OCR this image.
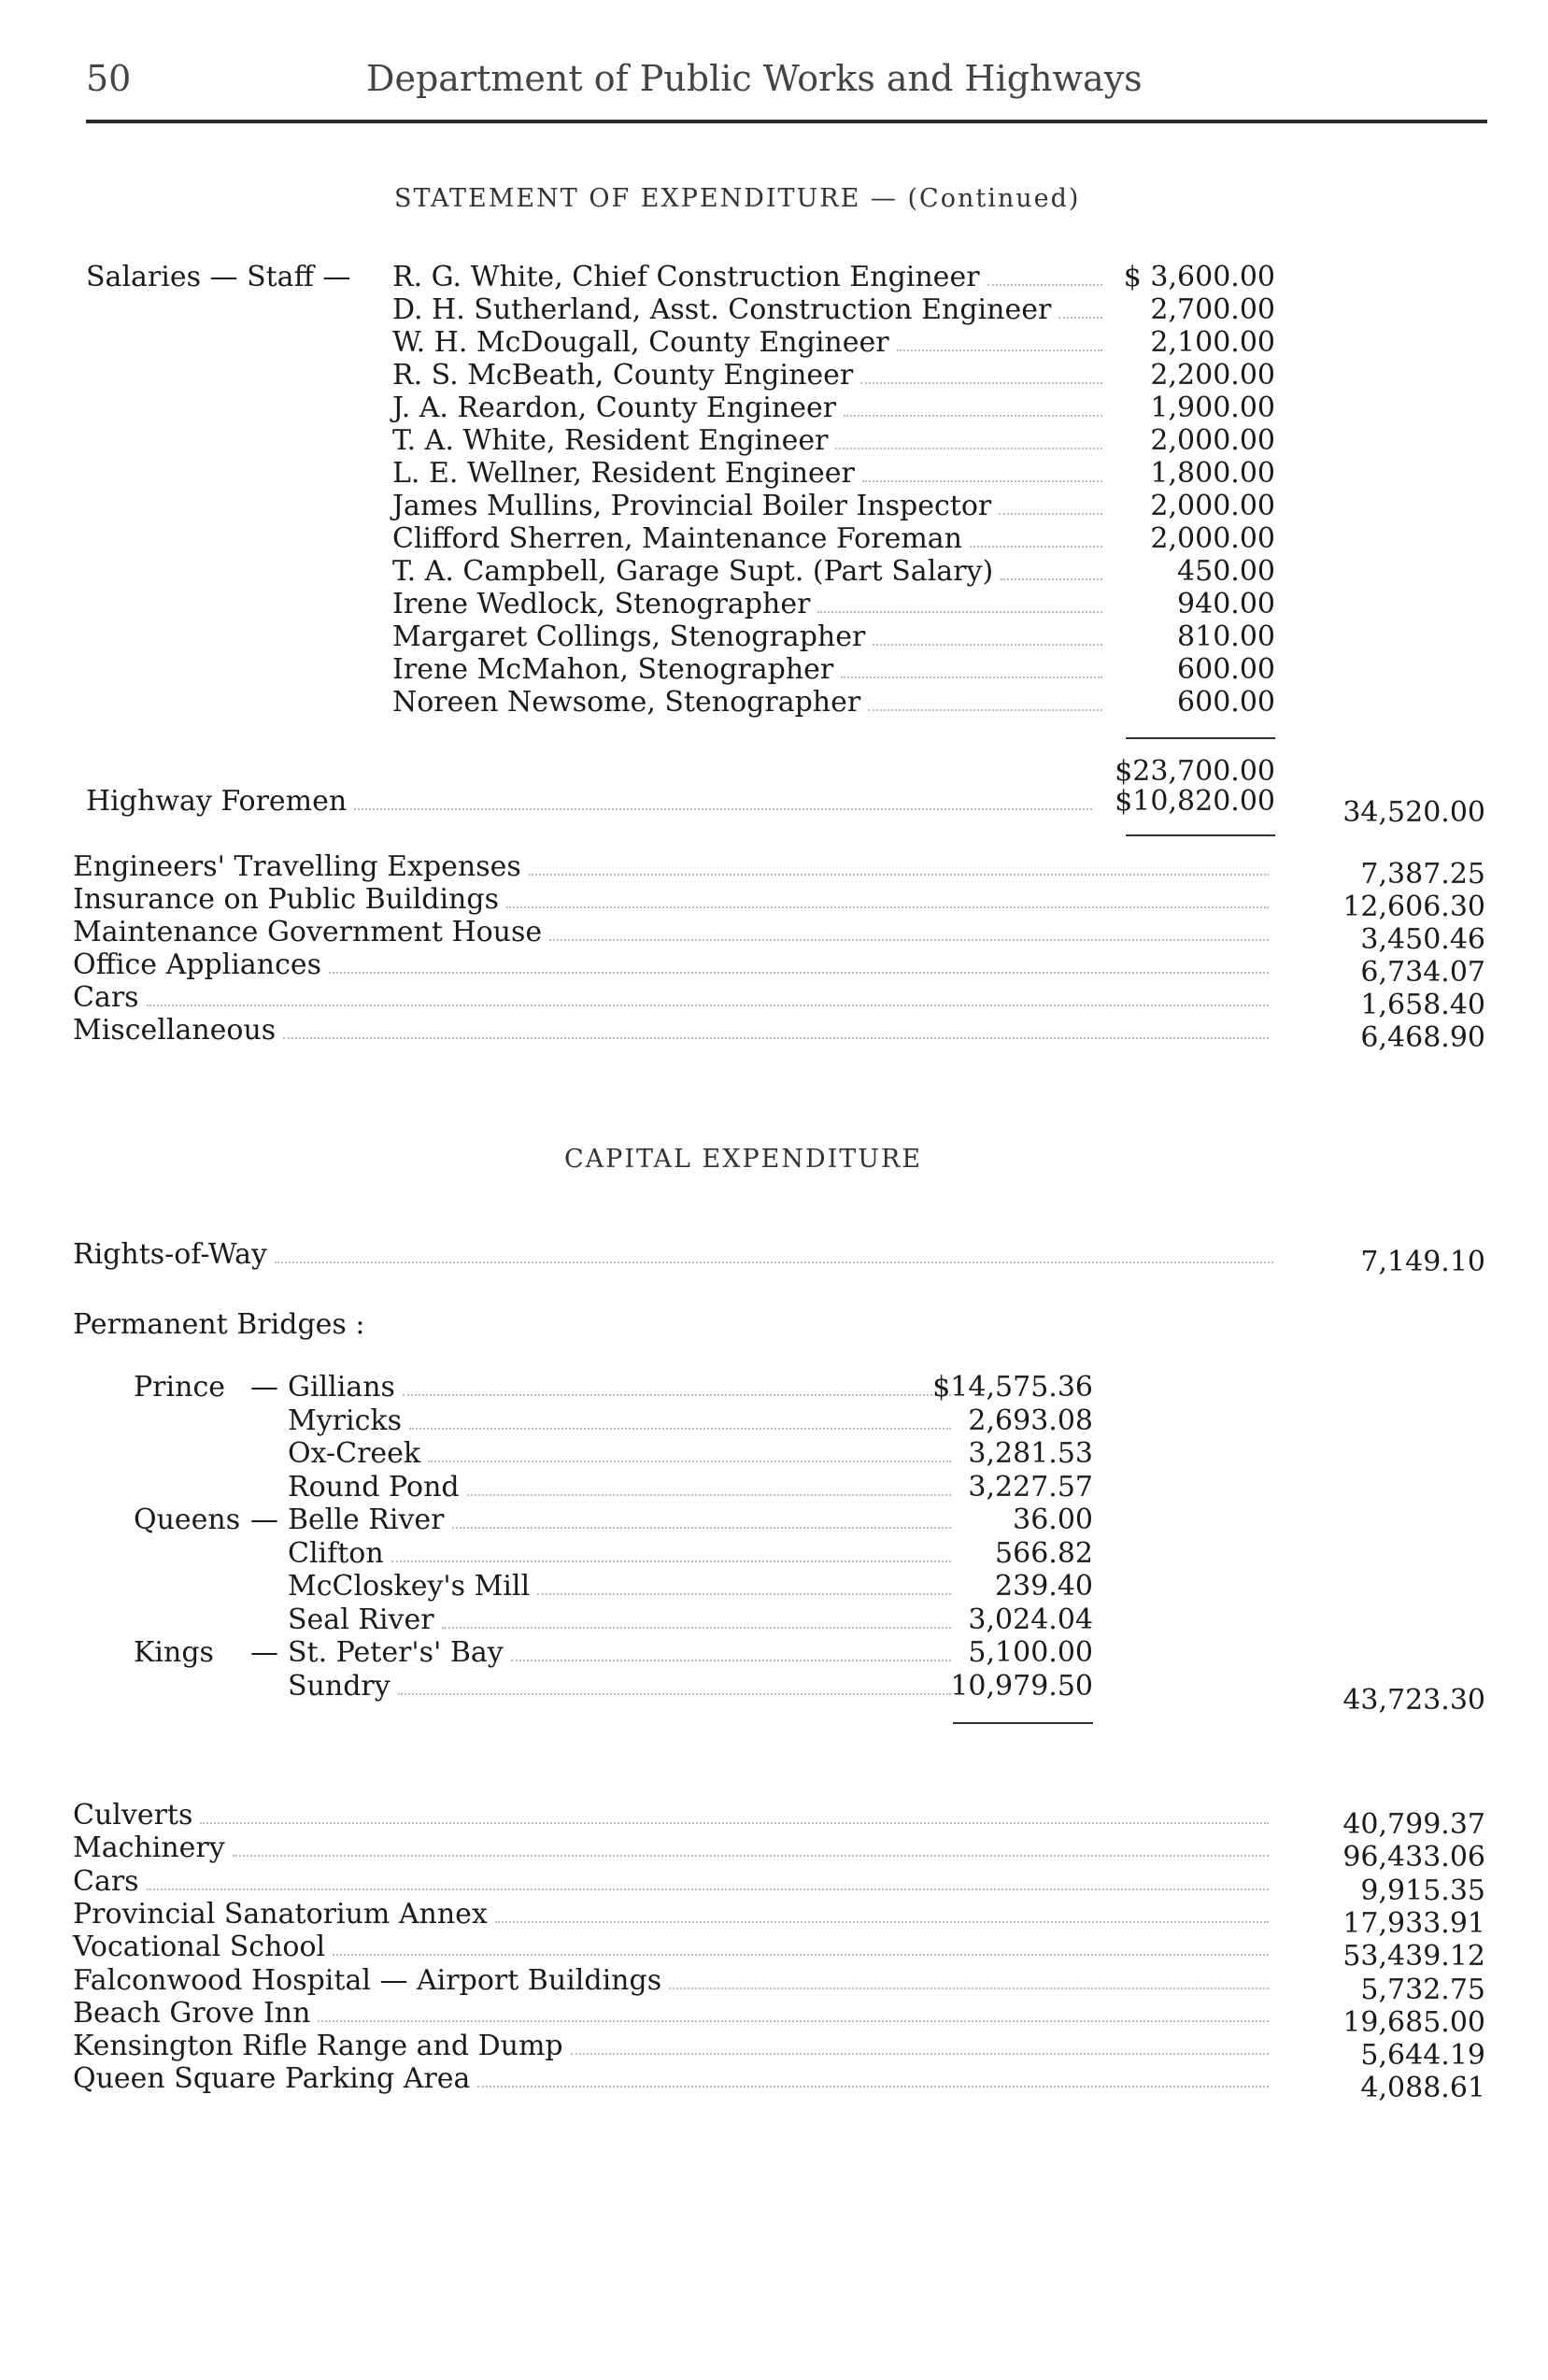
50	Department of Public Works and Highways
STATEMENT OF EXPENDITURE — (Continued)
Salaries — Staff — R. G. White, Chief Construction Engineer	$ 3,600.00
D. H. Sutherland, Asst. Construction Engineer	2,700.00
W. H. McDougall, County Engineer	2,100.00
R. S. McBeath, County Engineer	2,200.00
J. A. Reardon, County Engineer	1,900.00
T. A. White, Resident Engineer	2,000.00
L. E. Wellner, Resident Engineer	1,800.00
James Mullins, Provincial Boiler Inspector	2,000.00
Clifford Sherren, Maintenance Foreman	2,000.00
T. A. Campbell, Garage Supt. (Part Salary)	450.00
Irene Wedlock, Stenographer	940.00
Margaret Collings, Stenographer	810.00
Irene McMahon, Stenographer	600.00
Noreen Newsome, Stenographer	600.00
$23,700.00
Highway Foremen	$10,820.00	34,520.00
Engineers' Travelling Expenses	7,387.25
Insurance on Public Buildings	12,606.30
Maintenance Government House	3,450.46
Office Appliances	6,734.07
Cars	1,658.40
Miscellaneous	6,468.90
CAPITAL EXPENDITURE
Rights-of-Way	7,149.10
Permanent Bridges :
Prince — Gillians	$14,575.36
Myricks	2,693.08
Ox-Creek	3,281.53
Round Pond	3,227.57
Queens — Belle River	36.00
Clifton	566.82
McCloskey's Mill	239.40
Seal River	3,024.04
Kings — St. Peter's' Bay	5,100.00
Sundry	10,979.50	43,723.30
Culverts	40,799.37
Machinery	96,433.06
Cars	9,915.35
Provincial Sanatorium Annex	17,933.91
Vocational School	53,439.12
Falconwood Hospital — Airport Buildings	5,732.75
Beach Grove Inn	19,685.00
Kensington Rifle Range and Dump	5,644.19
Queen Square Parking Area	4,088.61
